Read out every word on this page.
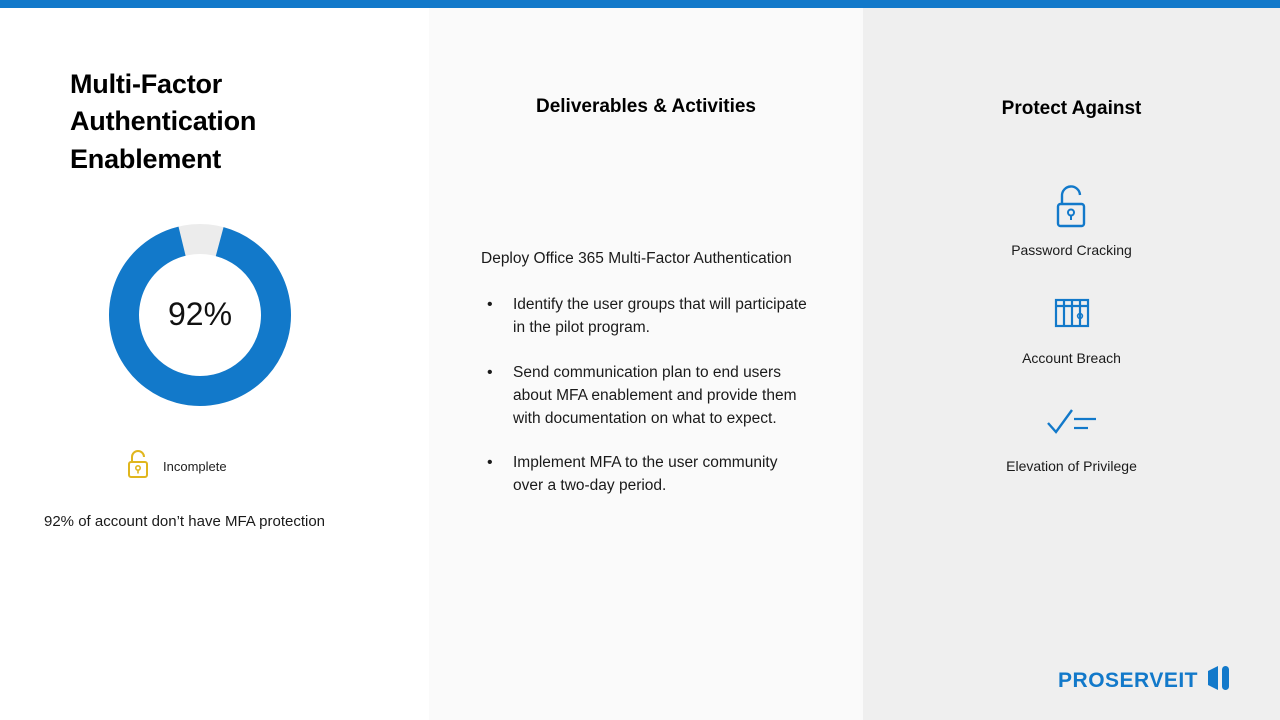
Multi-Factor Authentication Enablement
92%
Incomplete
92% of account don’t have MFA protection
Deliverables & Activities
Deploy Office 365 Multi-Factor Authentication
• Identify the user groups that will participate in the pilot program.
• Send communication plan to end users about MFA enablement and provide them with documentation on what to expect.
• Implement MFA to the user community over a two-day period.
Protect Against
Password Cracking
Account Breach
Elevation of Privilege
PROSERVEIT
